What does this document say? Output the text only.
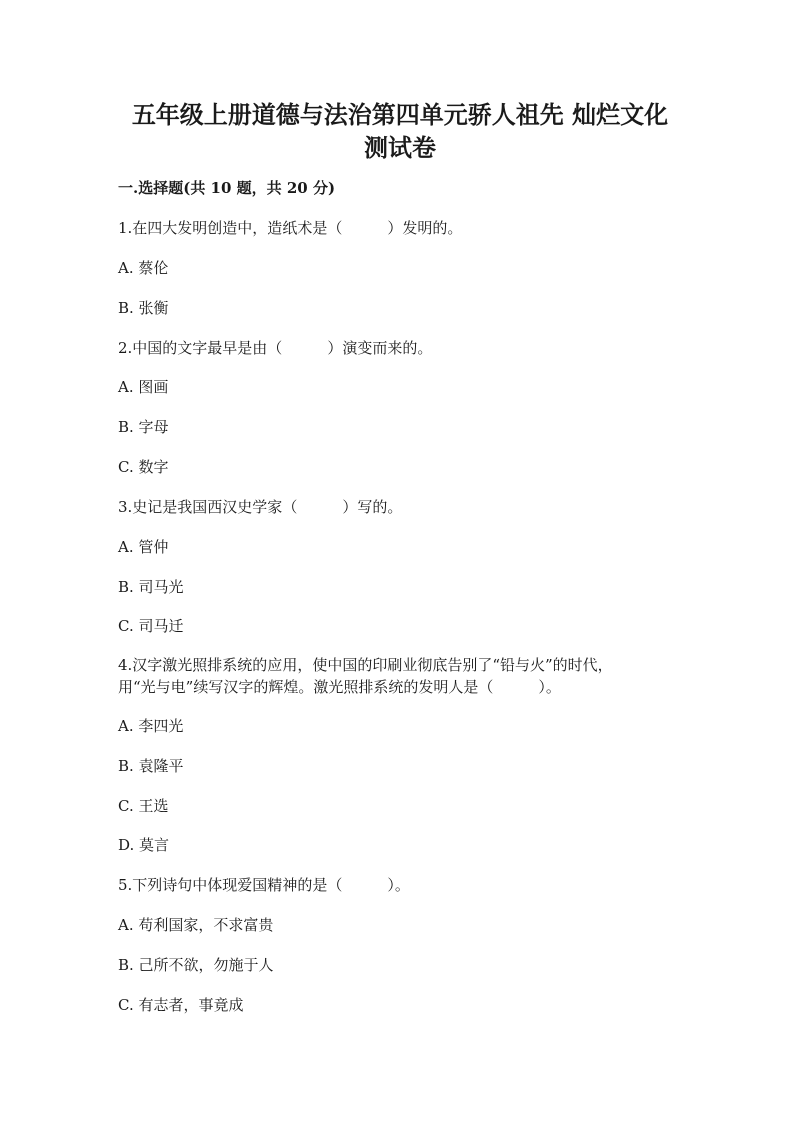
五年级上册道德与法治第四单元骄人祖先 灿烂文化
测试卷
一.选择题(共 10 题，共 20 分)
1.在四大发明创造中，造纸术是（　　　）发明的。
A. 蔡伦
B. 张衡
2.中国的文字最早是由（　　　）演变而来的。
A. 图画
B. 字母
C. 数字
3.史记是我国西汉史学家（　　　）写的。
A. 管仲
B. 司马光
C. 司马迁
4.汉字激光照排系统的应用，使中国的印刷业彻底告别了“铅与火”的时代，
用“光与电”续写汉字的辉煌。激光照排系统的发明人是（　　　）。
A. 李四光
B. 袁隆平
C. 王选
D. 莫言
5.下列诗句中体现爱国精神的是（　　　）。
A. 苟利国家，不求富贵
B. 己所不欲，勿施于人
C. 有志者，事竟成
